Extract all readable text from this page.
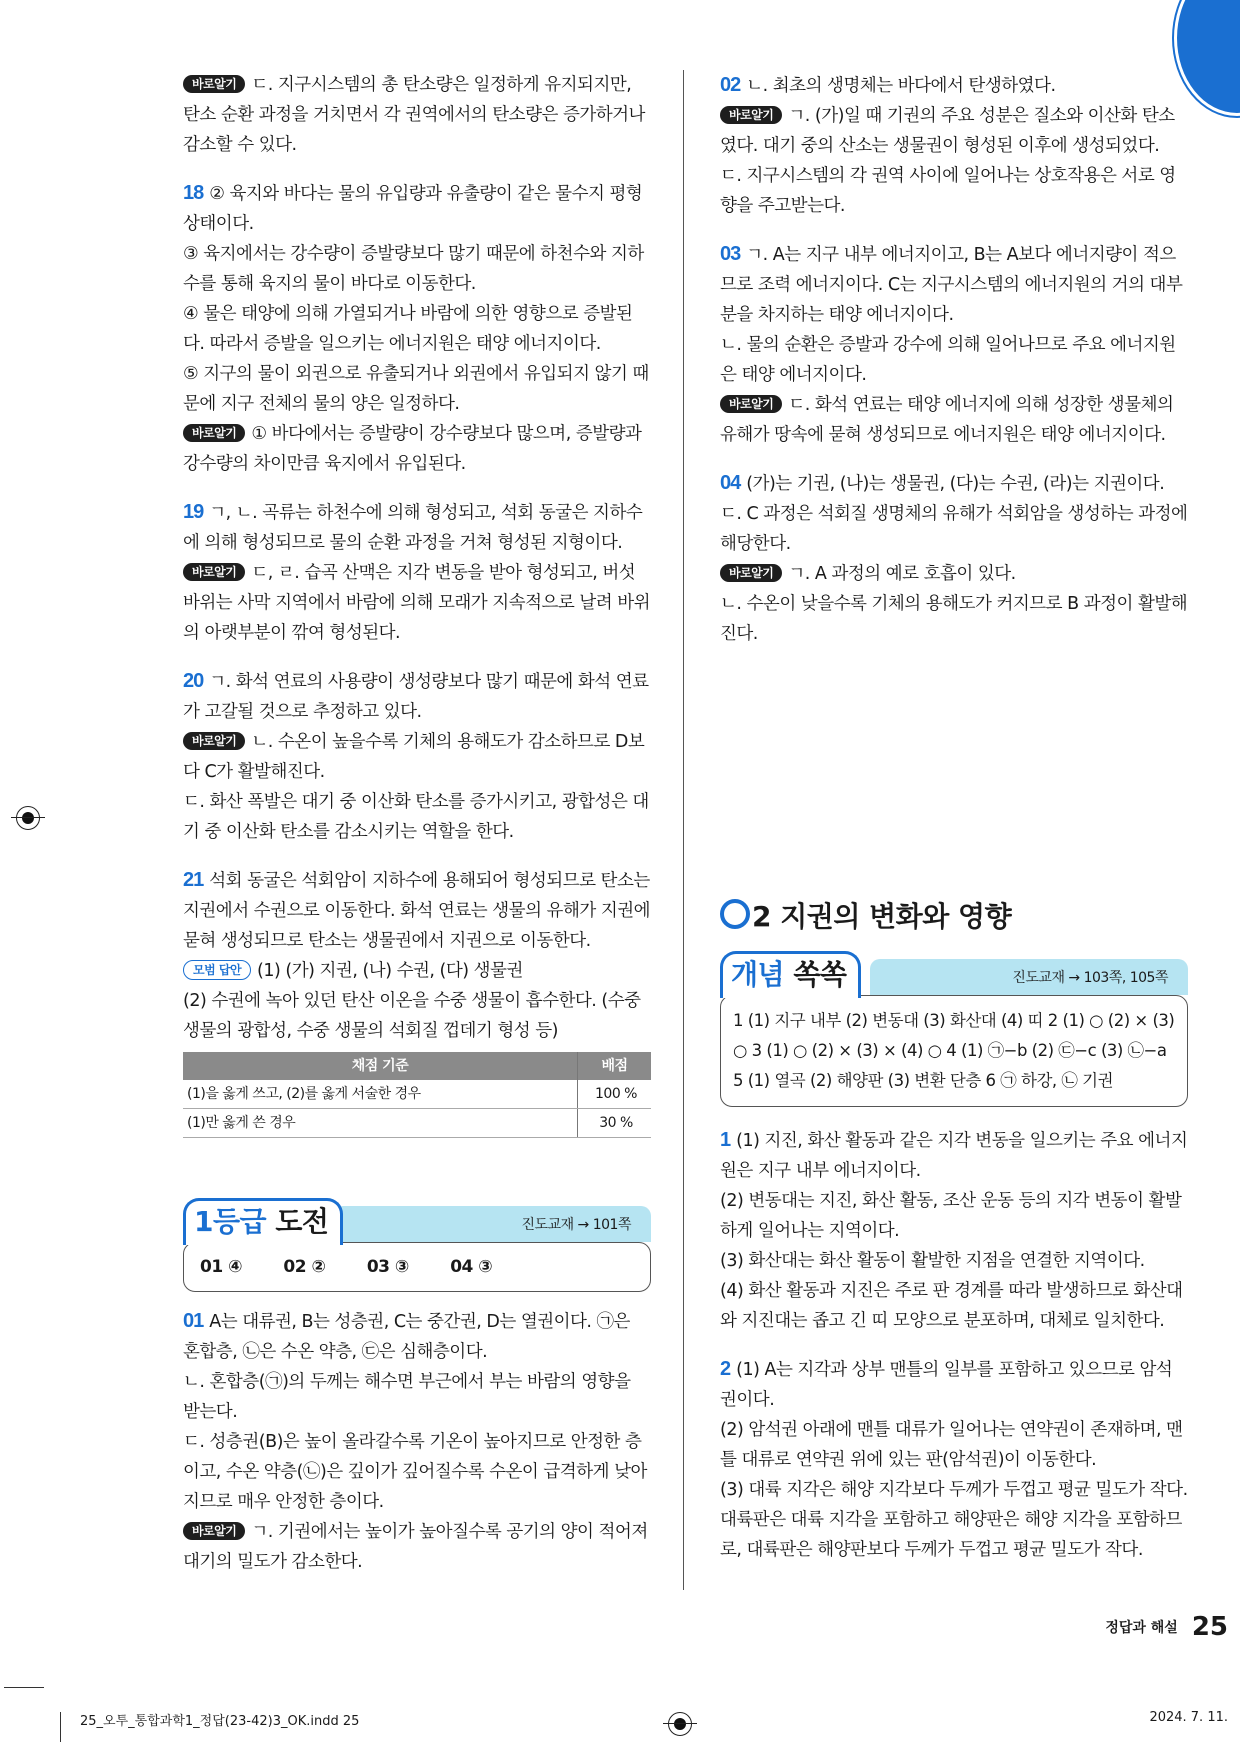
바로알기 ㄷ. 지구시스템의 총 탄소량은 일정하게 유지되지만, 탄소 순환 과정을 거치면서 각 권역에서의 탄소량은 증가하거나 감소할 수 있다.

18 ② 육지와 바다는 물의 유입량과 유출량이 같은 물수지 평형 상태이다.

③ 육지에서는 강수량이 증발량보다 많기 때문에 하천수와 지하수를 통해 육지의 물이 바다로 이동한다.

④ 물은 태양에 의해 가열되거나 바람에 의한 영향으로 증발된다. 따라서 증발을 일으키는 에너지원은 태양 에너지이다.

⑤ 지구의 물이 외권으로 유출되거나 외권에서 유입되지 않기 때문에 지구 전체의 물의 양은 일정하다.

바로알기 ① 바다에서는 증발량이 강수량보다 많으며, 증발량과 강수량의 차이만큼 육지에서 유입된다.

19 ㄱ, ㄴ. 곡류는 하천수에 의해 형성되고, 석회 동굴은 지하수에 의해 형성되므로 물의 순환 과정을 거쳐 형성된 지형이다.

바로알기 ㄷ, ㄹ. 습곡 산맥은 지각 변동을 받아 형성되고, 버섯 바위는 사막 지역에서 바람에 의해 모래가 지속적으로 날려 바위의 아랫부분이 깎여 형성된다.

20 ㄱ. 화석 연료의 사용량이 생성량보다 많기 때문에 화석 연료가 고갈될 것으로 추정하고 있다.

바로알기 ㄴ. 수온이 높을수록 기체의 용해도가 감소하므로 D보다 C가 활발해진다.

ㄷ. 화산 폭발은 대기 중 이산화 탄소를 증가시키고, 광합성은 대기 중 이산화 탄소를 감소시키는 역할을 한다.

21 석회 동굴은 석회암이 지하수에 용해되어 형성되므로 탄소는 지권에서 수권으로 이동한다. 화석 연료는 생물의 유해가 지권에 묻혀 생성되므로 탄소는 생물권에서 지권으로 이동한다.

모범 답안 (1) (가) 지권, (나) 수권, (다) 생물권

(2) 수권에 녹아 있던 탄산 이온을 수중 생물이 흡수한다. (수중 생물의 광합성, 수중 생물의 석회질 껍데기 형성 등)

채점 기준	배점
(1)을 옳게 쓰고, (2)를 옳게 서술한 경우	100 %
(1)만 옳게 쓴 경우	30 %
1등급 도전	진도교재 → 101쪽
01 ④ 02 ② 03 ③ 04 ③

01 A는 대류권, B는 성층권, C는 중간권, D는 열권이다. ㉠은 혼합층, ㉡은 수온 약층, ㉢은 심해층이다.

ㄴ. 혼합층(㉠)의 두께는 해수면 부근에서 부는 바람의 영향을 받는다.

ㄷ. 성층권(B)은 높이 올라갈수록 기온이 높아지므로 안정한 층이고, 수온 약층(㉡)은 깊이가 깊어질수록 수온이 급격하게 낮아지므로 매우 안정한 층이다.

바로알기 ㄱ. 기권에서는 높이가 높아질수록 공기의 양이 적어져 대기의 밀도가 감소한다.

02 ㄴ. 최초의 생명체는 바다에서 탄생하였다.

바로알기 ㄱ. (가)일 때 기권의 주요 성분은 질소와 이산화 탄소였다. 대기 중의 산소는 생물권이 형성된 이후에 생성되었다.

ㄷ. 지구시스템의 각 권역 사이에 일어나는 상호작용은 서로 영향을 주고받는다.

03 ㄱ. A는 지구 내부 에너지이고, B는 A보다 에너지량이 적으므로 조력 에너지이다. C는 지구시스템의 에너지원의 거의 대부분을 차지하는 태양 에너지이다.

ㄴ. 물의 순환은 증발과 강수에 의해 일어나므로 주요 에너지원은 태양 에너지이다.

바로알기 ㄷ. 화석 연료는 태양 에너지에 의해 성장한 생물체의 유해가 땅속에 묻혀 생성되므로 에너지원은 태양 에너지이다.

04 (가)는 기권, (나)는 생물권, (다)는 수권, (라)는 지권이다.

ㄷ. C 과정은 석회질 생명체의 유해가 석회암을 생성하는 과정에 해당한다.

바로알기 ㄱ. A 과정의 예로 호흡이 있다.

ㄴ. 수온이 낮을수록 기체의 용해도가 커지므로 B 과정이 활발해진다.

2 지권의 변화와 영향
개념 쏙쏙	진도교재 → 103쪽, 105쪽
1 (1) 지구 내부 (2) 변동대 (3) 화산대 (4) 띠 2 (1) ○ (2) × (3) ○ 3 (1) ○ (2) × (3) × (4) ○ 4 (1) ㉠−b (2) ㉢−c (3) ㉡−a 5 (1) 열곡 (2) 해양판 (3) 변환 단층 6 ㉠ 하강, ㉡ 기권

1 (1) 지진, 화산 활동과 같은 지각 변동을 일으키는 주요 에너지원은 지구 내부 에너지이다.

(2) 변동대는 지진, 화산 활동, 조산 운동 등의 지각 변동이 활발하게 일어나는 지역이다.

(3) 화산대는 화산 활동이 활발한 지점을 연결한 지역이다.

(4) 화산 활동과 지진은 주로 판 경계를 따라 발생하므로 화산대와 지진대는 좁고 긴 띠 모양으로 분포하며, 대체로 일치한다.

2 (1) A는 지각과 상부 맨틀의 일부를 포함하고 있으므로 암석권이다.

(2) 암석권 아래에 맨틀 대류가 일어나는 연약권이 존재하며, 맨틀 대류로 연약권 위에 있는 판(암석권)이 이동한다.

(3) 대륙 지각은 해양 지각보다 두께가 두껍고 평균 밀도가 작다. 대륙판은 대륙 지각을 포함하고 해양판은 해양 지각을 포함하므로, 대륙판은 해양판보다 두께가 두껍고 평균 밀도가 작다.

정답과 해설 25
25_오투_통합과학1_정답(23-42)3_OK.indd 25	2024. 7. 11.
